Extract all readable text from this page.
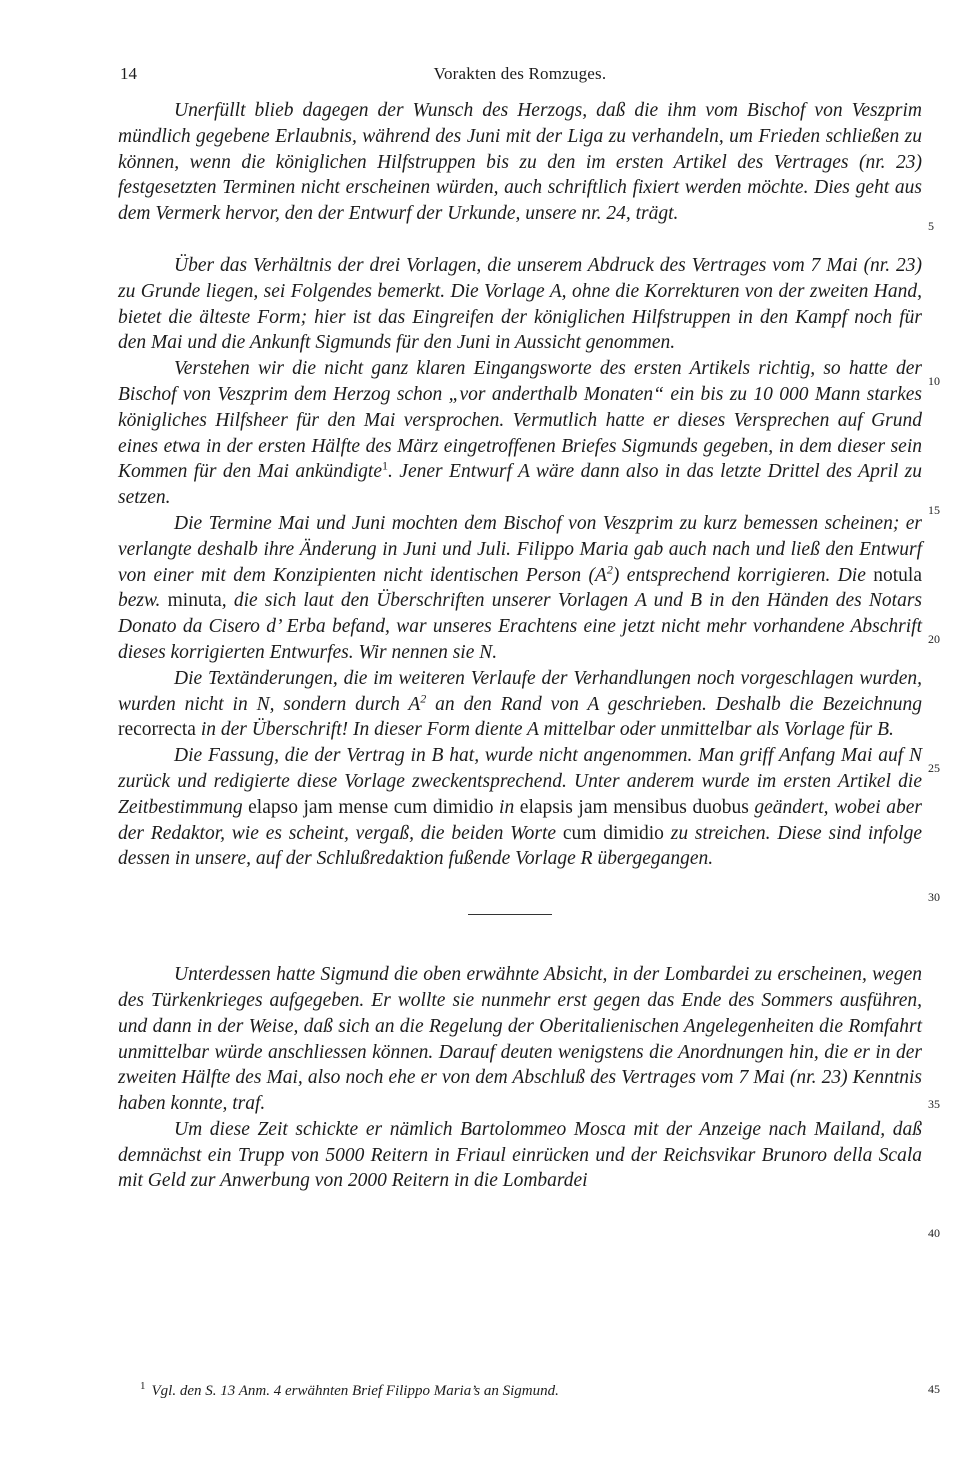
14	Vorakten des Romzuges.

Unerfüllt blieb dagegen der Wunsch des Herzogs, daß die ihm vom Bischof von Veszprim mündlich gegebene Erlaubnis, während des Juni mit der Liga zu verhandeln, um Frieden schließen zu können, wenn die königlichen Hilfstruppen bis zu den im ersten Artikel des Vertrages (nr. 23) festgesetzten Terminen nicht erscheinen würden, auch schriftlich fixiert werden möchte. Dies geht aus dem Vermerk hervor, den der Entwurf der Urkunde, unsere nr. 24, trägt.

Über das Verhältnis der drei Vorlagen, die unserem Abdruck des Vertrages vom 7 Mai (nr. 23) zu Grunde liegen, sei Folgendes bemerkt. Die Vorlage A, ohne die Korrekturen von der zweiten Hand, bietet die älteste Form; hier ist das Eingreifen der königlichen Hilfstruppen in den Kampf noch für den Mai und die Ankunft Sigmunds für den Juni in Aussicht genommen.

Verstehen wir die nicht ganz klaren Eingangsworte des ersten Artikels richtig, so hatte der Bischof von Veszprim dem Herzog schon „vor anderthalb Monaten“ ein bis zu 10 000 Mann starkes königliches Hilfsheer für den Mai versprochen. Vermutlich hatte er dieses Versprechen auf Grund eines etwa in der ersten Hälfte des März eingetroffenen Briefes Sigmunds gegeben, in dem dieser sein Kommen für den Mai ankündigte$^1$. Jener Entwurf A wäre dann also in das letzte Drittel des April zu setzen.

Die Termine Mai und Juni mochten dem Bischof von Veszprim zu kurz bemessen scheinen; er verlangte deshalb ihre Änderung in Juni und Juli. Filippo Maria gab auch nach und ließ den Entwurf von einer mit dem Konzipienten nicht identischen Person $(A^2)$ entsprechend korrigieren. Die notula bezw. minuta, die sich laut den Überschriften unserer Vorlagen A und B in den Händen des Notars Donato da Cisero d’ Erba befand, war unseres Erachtens eine jetzt nicht mehr vorhandene Abschrift dieses korrigierten Entwurfes. Wir nennen sie N.

Die Textänderungen, die im weiteren Verlaufe der Verhandlungen noch vorgeschlagen wurden, wurden nicht in N, sondern durch $A^2$ an den Rand von A geschrieben. Deshalb die Bezeichnung recorrecta in der Überschrift! In dieser Form diente A mittelbar oder unmittelbar als Vorlage für B.

Die Fassung, die der Vertrag in B hat, wurde nicht angenommen. Man griff Anfang Mai auf N zurück und redigierte diese Vorlage zweckentsprechend. Unter anderem wurde im ersten Artikel die Zeitbestimmung elapso jam mense cum dimidio in elapsis jam mensibus duobus geändert, wobei aber der Redaktor, wie es scheint, vergaß, die beiden Worte cum dimidio zu streichen. Diese sind infolge dessen in unsere, auf der Schlußredaktion fußende Vorlage R übergegangen.

Unterdessen hatte Sigmund die oben erwähnte Absicht, in der Lombardei zu erscheinen, wegen des Türkenkrieges aufgegeben. Er wollte sie nunmehr erst gegen das Ende des Sommers ausführen, und dann in der Weise, daß sich an die Regelung der Oberitalienischen Angelegenheiten die Romfahrt unmittelbar würde anschliessen können. Darauf deuten wenigstens die Anordnungen hin, die er in der zweiten Hälfte des Mai, also noch ehe er von dem Abschluß des Vertrages vom 7 Mai (nr. 23) Kenntnis haben konnte, traf.

Um diese Zeit schickte er nämlich Bartolommeo Mosca mit der Anzeige nach Mailand, daß demnächst ein Trupp von 5000 Reitern in Friaul einrücken und der Reichsvikar Brunoro della Scala mit Geld zur Anwerbung von 2000 Reitern in die Lombardei

$^1$ Vgl. den S. 13 Anm. 4 erwähnten Brief Filippo Maria’s an Sigmund.
5
10
15
20
25
30
35
40
45
